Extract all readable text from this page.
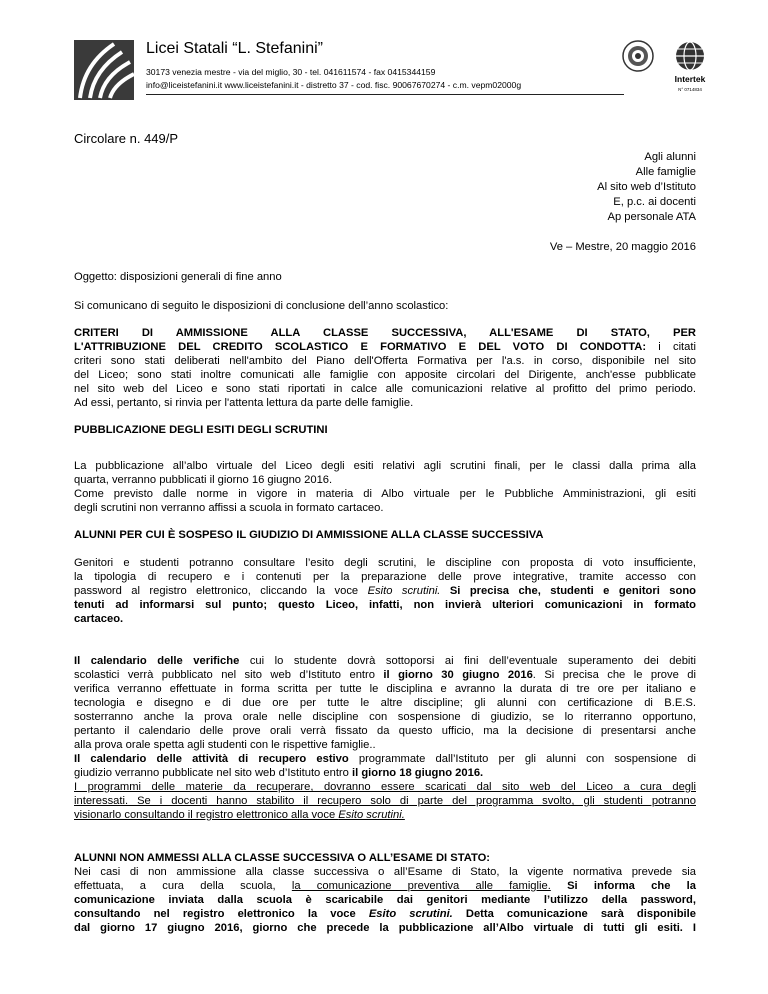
Licei Statali “L. Stefanini”
30173 venezia mestre - via del miglio, 30 - tel. 041611574 - fax 0415344159
info@liceistefanini.it www.liceistefanini.it - distretto 37 - cod. fisc. 90067670274 - c.m. vepm02000g
Intertek
N° 0714834
Circolare n. 449/P
Agli alunni
Alle famiglie
Al sito web d’Istituto
E, p.c. ai docenti
Ap personale ATA
Ve – Mestre, 20 maggio 2016
Oggetto: disposizioni generali di fine anno
Si comunicano di seguito le disposizioni di conclusione dell’anno scolastico:
CRITERI DI AMMISSIONE ALLA CLASSE SUCCESSIVA, ALL'ESAME DI STATO, PER
L'ATTRIBUZIONE DEL CREDITO SCOLASTICO E FORMATIVO E DEL VOTO DI CONDOTTA: i citati
criteri sono stati deliberati nell'ambito del Piano dell'Offerta Formativa per l'a.s. in corso, disponibile nel sito
del Liceo; sono stati inoltre comunicati alle famiglie con apposite circolari del Dirigente, anch'esse pubblicate
nel sito web del Liceo e sono stati riportati in calce alle comunicazioni relative al profitto del primo periodo.
Ad essi, pertanto, si rinvia per l'attenta lettura da parte delle famiglie.
PUBBLICAZIONE DEGLI ESITI DEGLI SCRUTINI
La pubblicazione all’albo virtuale del Liceo degli esiti relativi agli scrutini finali, per le classi dalla prima alla
quarta, verranno pubblicati il giorno 16 giugno 2016.
Come previsto dalle norme in vigore in materia di Albo virtuale per le Pubbliche Amministrazioni, gli esiti
degli scrutini non verranno affissi a scuola in formato cartaceo.
ALUNNI PER CUI È SOSPESO IL GIUDIZIO DI AMMISSIONE ALLA CLASSE SUCCESSIVA
Genitori e studenti potranno consultare l’esito degli scrutini, le discipline con proposta di voto insufficiente,
la tipologia di recupero e i contenuti per la preparazione delle prove integrative, tramite accesso con
password al registro elettronico, cliccando la voce Esito scrutini. Si precisa che, studenti e genitori sono
tenuti ad informarsi sul punto; questo Liceo, infatti, non invierà ulteriori comunicazioni in formato
cartaceo.
Il calendario delle verifiche cui lo studente dovrà sottoporsi ai fini dell’eventuale superamento dei debiti
scolastici verrà pubblicato nel sito web d’Istituto entro il giorno 30 giugno 2016. Si precisa che le prove di
verifica verranno effettuate in forma scritta per tutte le disciplina e avranno la durata di tre ore per italiano e
tecnologia e disegno e di due ore per tutte le altre discipline; gli alunni con certificazione di B.E.S.
sosterranno anche la prova orale nelle discipline con sospensione di giudizio, se lo riterranno opportuno,
pertanto il calendario delle prove orali verrà fissato da questo ufficio, ma la decisione di presentarsi anche
alla prova orale spetta agli studenti con le rispettive famiglie..
Il calendario delle attività di recupero estivo programmate dall’Istituto per gli alunni con sospensione di
giudizio verranno pubblicate nel sito web d’Istituto entro il giorno 18 giugno 2016.
I programmi delle materie da recuperare, dovranno essere scaricati dal sito web del Liceo a cura degli
interessati. Se i docenti hanno stabilito il recupero solo di parte del programma svolto, gli studenti potranno
visionarlo consultando il registro elettronico alla voce Esito scrutini.
ALUNNI NON AMMESSI ALLA CLASSE SUCCESSIVA O ALL’ESAME DI STATO:
Nei casi di non ammissione alla classe successiva o all’Esame di Stato, la vigente normativa prevede sia
effettuata, a cura della scuola, la comunicazione preventiva alle famiglie. Si informa che la
comunicazione inviata dalla scuola è scaricabile dai genitori mediante l’utilizzo della password,
consultando nel registro elettronico la voce Esito scrutini. Detta comunicazione sarà disponibile
dal giorno 17 giugno 2016, giorno che precede la pubblicazione all’Albo virtuale di tutti gli esiti. I
